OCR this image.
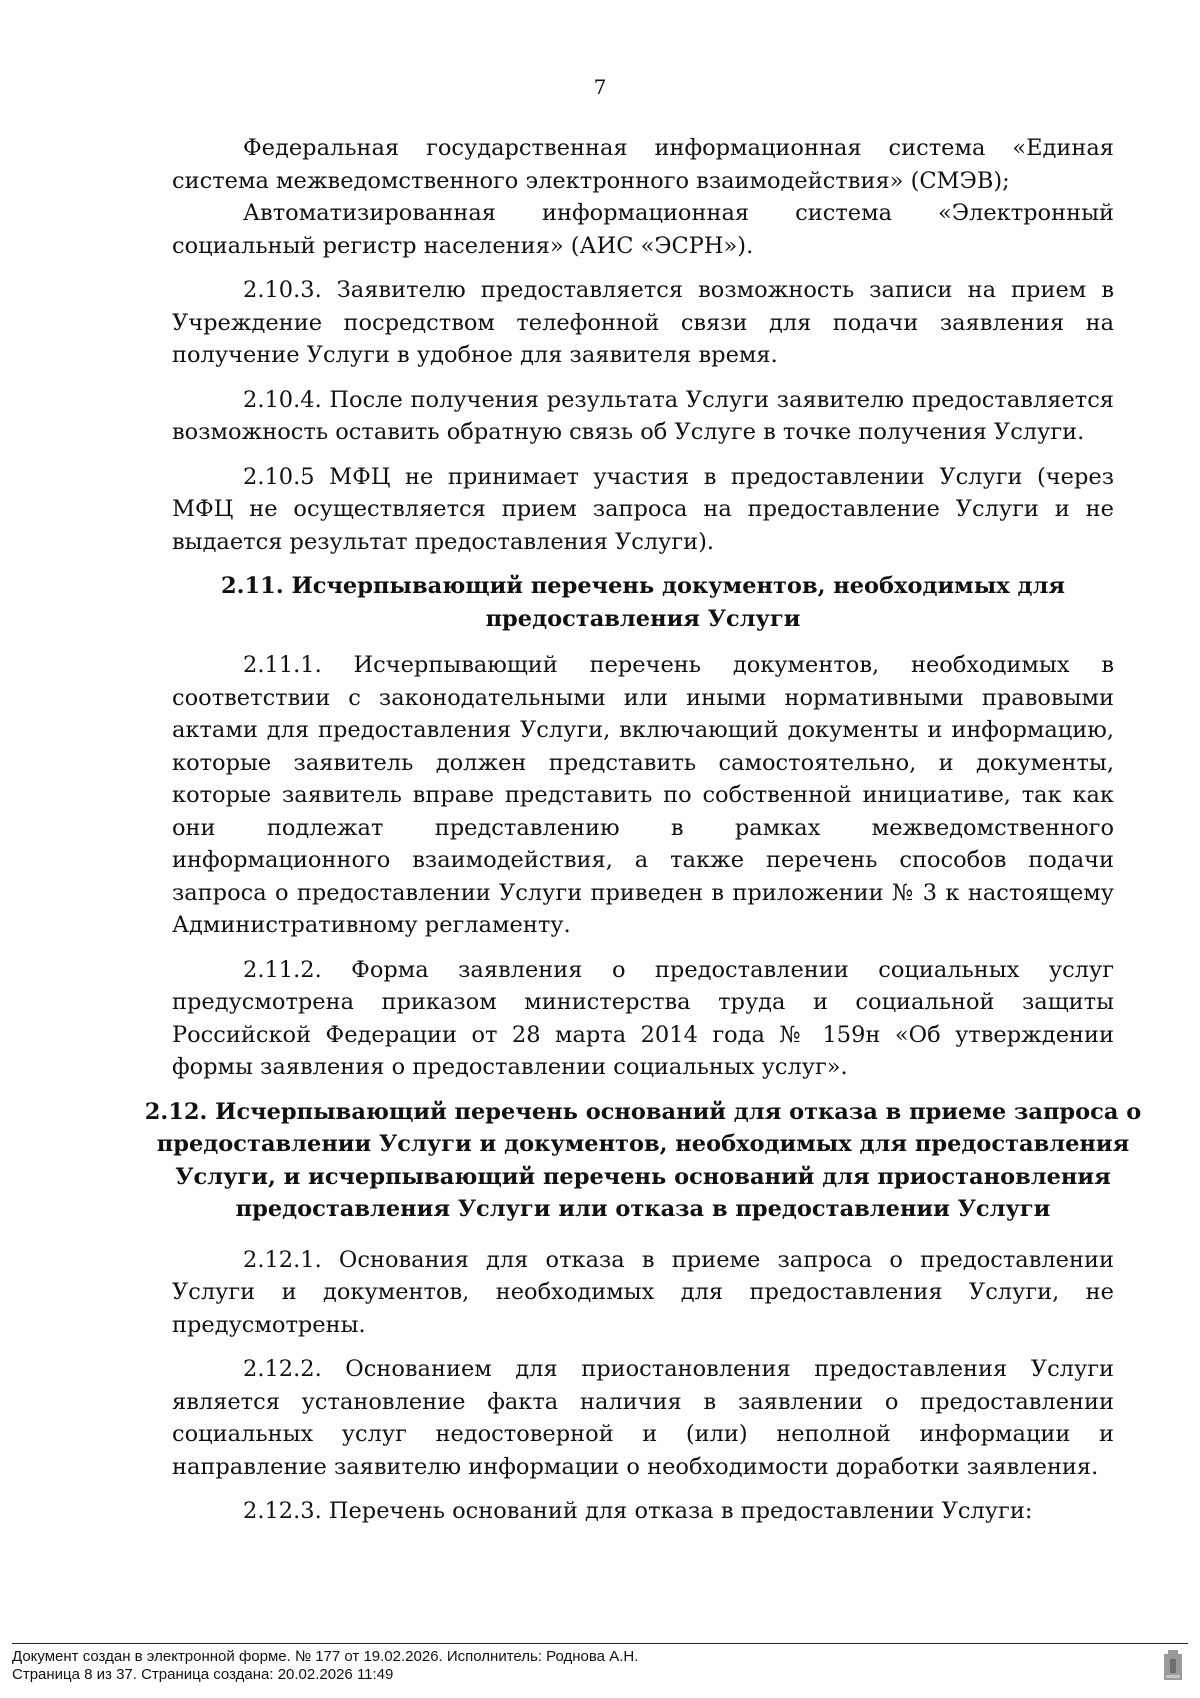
7

Федеральная государственная информационная система «Единая система межведомственного электронного взаимодействия» (СМЭВ);

Автоматизированная информационная система «Электронный социальный регистр населения» (АИС «ЭСРН»).

2.10.3. Заявителю предоставляется возможность записи на прием в Учреждение посредством телефонной связи для подачи заявления на получение Услуги в удобное для заявителя время.

2.10.4. После получения результата Услуги заявителю предоставляется возможность оставить обратную связь об Услуге в точке получения Услуги.

2.10.5 МФЦ не принимает участия в предоставлении Услуги (через МФЦ не осуществляется прием запроса на предоставление Услуги и не выдается результат предоставления Услуги).

2.11. Исчерпывающий перечень документов, необходимых для предоставления Услуги

2.11.1. Исчерпывающий перечень документов, необходимых в соответствии с законодательными или иными нормативными правовыми актами для предоставления Услуги, включающий документы и информацию, которые заявитель должен представить самостоятельно, и документы, которые заявитель вправе представить по собственной инициативе, так как они подлежат представлению в рамках межведомственного информационного взаимодействия, а также перечень способов подачи запроса о предоставлении Услуги приведен в приложении № 3 к настоящему Административному регламенту.

2.11.2. Форма заявления о предоставлении социальных услуг предусмотрена приказом министерства труда и социальной защиты Российской Федерации от 28 марта 2014 года № 159н «Об утверждении формы заявления о предоставлении социальных услуг».

2.12. Исчерпывающий перечень оснований для отказа в приеме запроса о предоставлении Услуги и документов, необходимых для предоставления Услуги, и исчерпывающий перечень оснований для приостановления предоставления Услуги или отказа в предоставлении Услуги

2.12.1. Основания для отказа в приеме запроса о предоставлении Услуги и документов, необходимых для предоставления Услуги, не предусмотрены.

2.12.2. Основанием для приостановления предоставления Услуги является установление факта наличия в заявлении о предоставлении социальных услуг недостоверной и (или) неполной информации и направление заявителю информации о необходимости доработки заявления.

2.12.3. Перечень оснований для отказа в предоставлении Услуги:

Документ создан в электронной форме. № 177 от 19.02.2026. Исполнитель: Роднова А.Н.
Страница 8 из 37. Страница создана: 20.02.2026 11:49
